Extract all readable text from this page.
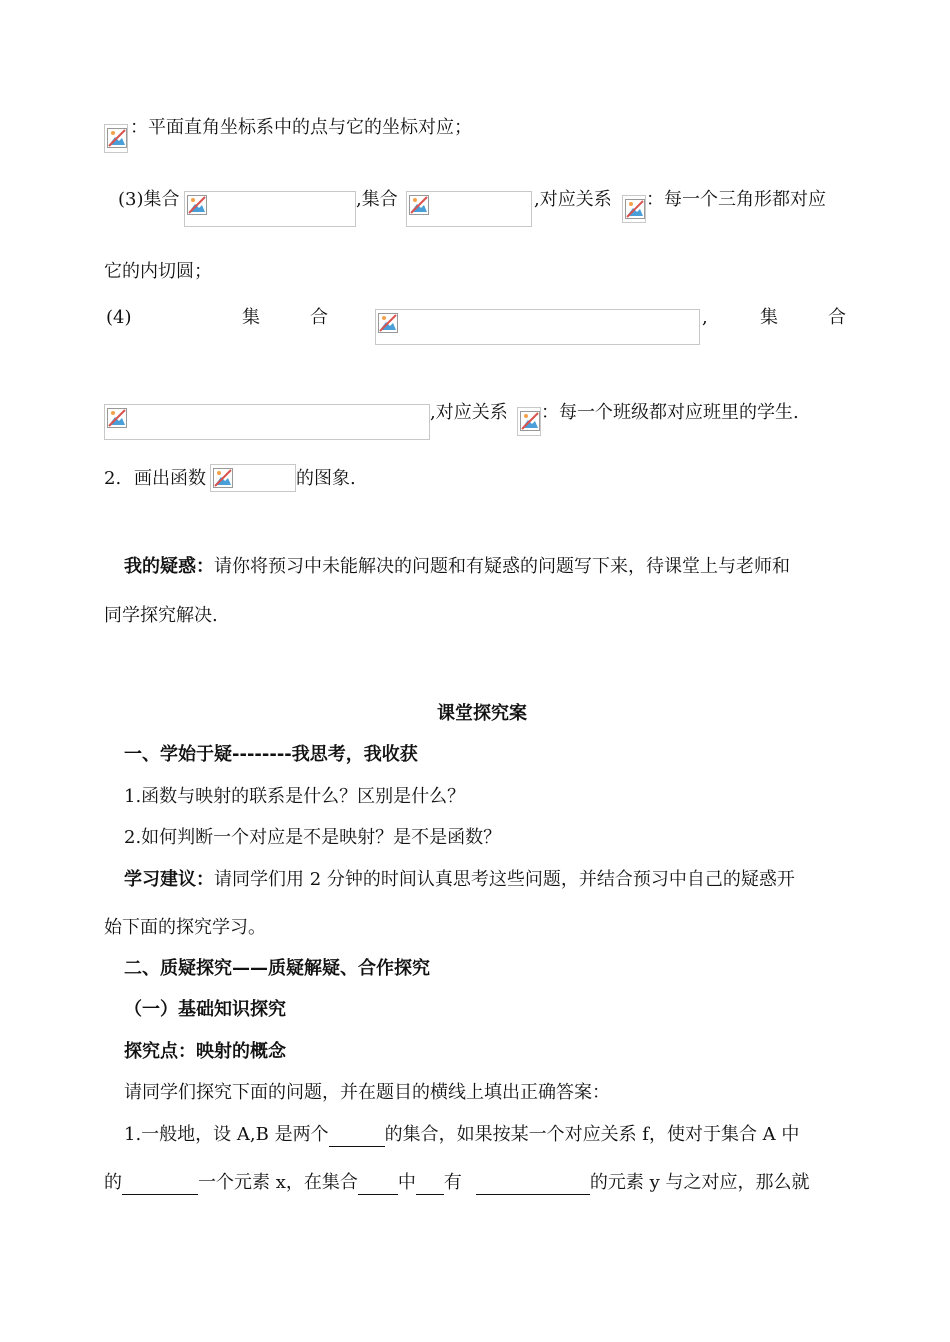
：平面直角坐标系中的点与它的坐标对应；
(3)集合	,集合	,对应关系 ：每一个三角形都对应
它的内切圆；
(4)	集	合	,	集	合
,对应关系 ：每一个班级都对应班里的学生.
2. 画出函数	的图象.
我的疑惑：请你将预习中未能解决的问题和有疑惑的问题写下来，待课堂上与老师和
同学探究解决.
课堂探究案
一、学始于疑--------我思考，我收获
1.函数与映射的联系是什么？区别是什么？
2.如何判断一个对应是不是映射？是不是函数？
学习建议：请同学们用 2 分钟的时间认真思考这些问题，并结合预习中自己的疑惑开
始下面的探究学习。
二、质疑探究——质疑解疑、合作探究
（一）基础知识探究
探究点：映射的概念
请同学们探究下面的问题，并在题目的横线上填出正确答案：
1.一般地，设 A,B 是两个	的集合，如果按某一个对应关系 f，使对于集合 A 中
的	一个元素 x，在集合 中 有	的元素 y 与之对应，那么就
